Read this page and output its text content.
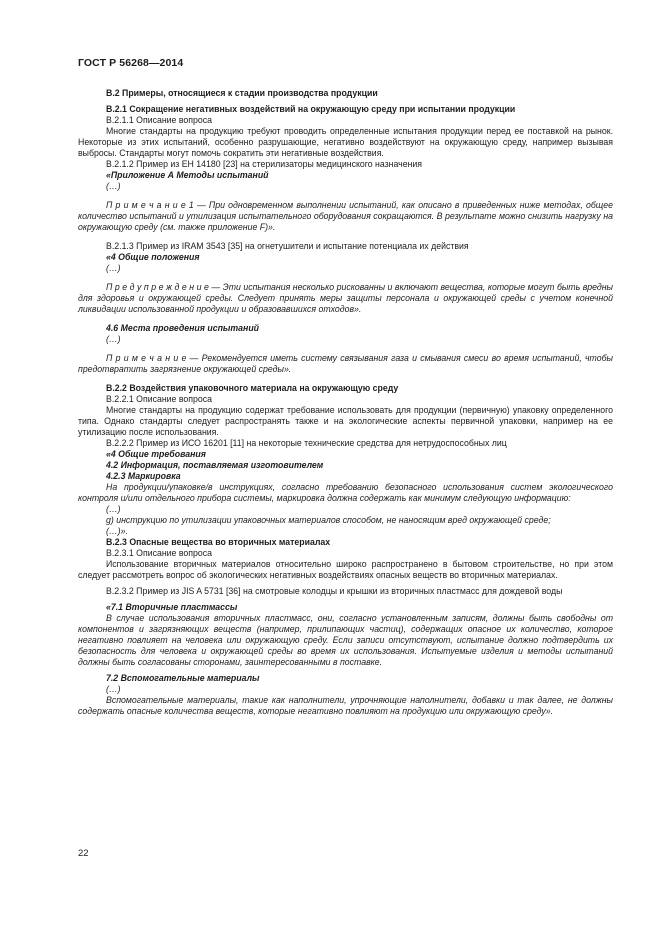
ГОСТ Р 56268—2014

B.2 Примеры, относящиеся к стадии производства продукции

B.2.1 Сокращение негативных воздействий на окружающую среду при испытании продукции

B.2.1.1 Описание вопроса

Многие стандарты на продукцию требуют проводить определенные испытания продукции перед ее поставкой на рынок. Некоторые из этих испытаний, особенно разрушающие, негативно воздействуют на окружающую среду, например вызывая выбросы. Стандарты могут помочь сократить эти негативные воздействия.

B.2.1.2 Пример из ЕН 14180 [23] на стерилизаторы медицинского назначения

«Приложение А Методы испытаний

(…)

П р и м е ч а н и е 1 — При одновременном выполнении испытаний, как описано в приведенных ниже методах, общее количество испытаний и утилизация испытательного оборудования сокращаются. В результате можно снизить нагрузку на окружающую среду (см. также приложение F)».

B.2.1.3 Пример из IRAM 3543 [35] на огнетушители и испытание потенциала их действия

«4 Общие положения

(…)

П р е д у п р е ж д е н и е — Эти испытания несколько рискованны и включают вещества, которые могут быть вредны для здоровья и окружающей среды. Следует принять меры защиты персонала и окружающей среды с учетом конечной ликвидации использованной продукции и образовавшихся отходов».

4.6 Места проведения испытаний

(…)

П р и м е ч а н и е — Рекомендуется иметь систему связывания газа и смывания смеси во время испытаний, чтобы предотвратить загрязнение окружающей среды».

B.2.2 Воздействия упаковочного материала на окружающую среду

B.2.2.1 Описание вопроса

Многие стандарты на продукцию содержат требование использовать для продукции (первичную) упаковку определенного типа. Однако стандарты следует распространять также и на экологические аспекты первичной упаковки, например на ее утилизацию после использования.

B.2.2.2 Пример из ИСО 16201 [11] на некоторые технические средства для нетрудоспособных лиц

«4 Общие требования

4.2 Информация, поставляемая изготовителем

4.2.3 Маркировка

На продукции/упаковке/в инструкциях, согласно требованию безопасного использования систем экологического контроля и/или отдельного прибора системы, маркировка должна содержать как минимум следующую информацию:

(…)

g) инструкцию по утилизации упаковочных материалов способом, не наносящим вред окружающей среде;

(…)».

B.2.3 Опасные вещества во вторичных материалах

B.2.3.1 Описание вопроса

Использование вторичных материалов относительно широко распространено в бытовом строительстве, но при этом следует рассмотреть вопрос об экологических негативных воздействиях опасных веществ во вторичных материалах.

B.2.3.2 Пример из JIS A 5731 [36] на смотровые колодцы и крышки из вторичных пластмасс для дождевой воды

«7.1 Вторичные пластмассы

В случае использования вторичных пластмасс, они, согласно установленным записям, должны быть свободны от компонентов и загрязняющих веществ (например, прилипающих частиц), содержащих опасное их количество, которое негативно повлияет на человека или окружающую среду. Если записи отсутствуют, испытание должно подтвердить их безопасность для человека и окружающей среды во время их использования. Испытуемые изделия и методы испытаний должны быть согласованы сторонами, заинтересованными в поставке.

7.2 Вспомогательные материалы

(…)

Вспомогательные материалы, такие как наполнители, упрочняющие наполнители, добавки и так далее, не должны содержать опасные количества веществ, которые негативно повлияют на продукцию или окружающую среду».

22
